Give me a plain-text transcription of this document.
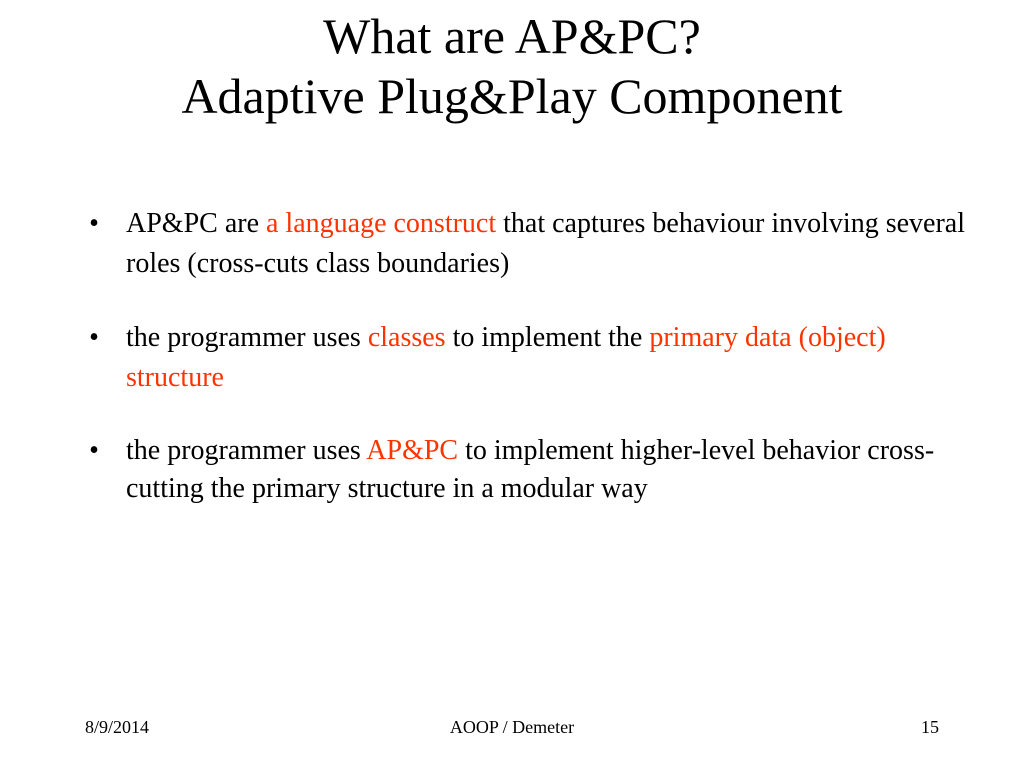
What are AP&PC?
Adaptive Plug&Play Component
• AP&PC are a language construct that captures behaviour involving several roles (cross-cuts class boundaries)
• the programmer uses classes to implement the primary data (object) structure
• the programmer uses AP&PC to implement higher-level behavior cross-cutting the primary structure in a modular way
8/9/2014	AOOP / Demeter	15
